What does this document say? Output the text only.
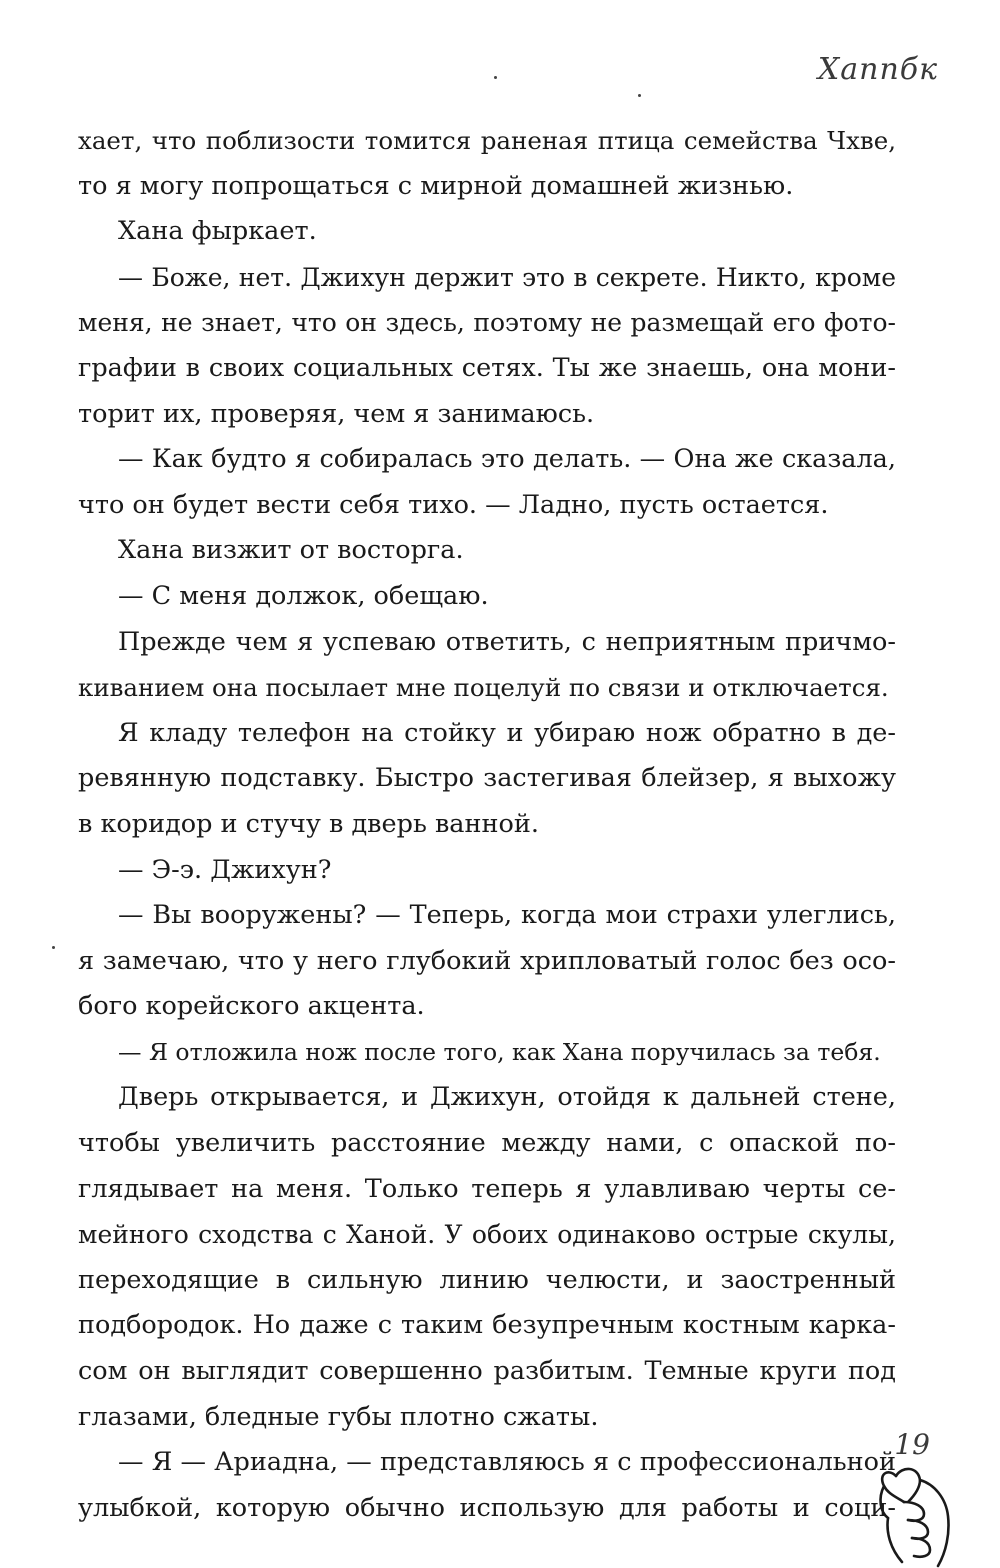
Хаппбк
хает, что поблизости томится раненая птица семейства Чхве,
то я могу попрощаться с мирной домашней жизнью.
Хана фыркает.
— Боже, нет. Джихун держит это в секрете. Никто, кроме
меня, не знает, что он здесь, поэтому не размещай его фото-
графии в своих социальных сетях. Ты же знаешь, она мони-
торит их, проверяя, чем я занимаюсь.
— Как будто я собиралась это делать. — Она же сказала,
что он будет вести себя тихо. — Ладно, пусть остается.
Хана визжит от восторга.
— С меня должок, обещаю.
Прежде чем я успеваю ответить, с неприятным причмо-
киванием она посылает мне поцелуй по связи и отключается.
Я кладу телефон на стойку и убираю нож обратно в де-
ревянную подставку. Быстро застегивая блейзер, я выхожу
в коридор и стучу в дверь ванной.
— Э-э. Джихун?
— Вы вооружены? — Теперь, когда мои страхи улеглись,
я замечаю, что у него глубокий хрипловатый голос без осо-
бого корейского акцента.
— Я отложила нож после того, как Хана поручилась за тебя.
Дверь открывается, и Джихун, отойдя к дальней стене,
чтобы увеличить расстояние между нами, с опаской по-
глядывает на меня. Только теперь я улавливаю черты се-
мейного сходства с Ханой. У обоих одинаково острые скулы,
переходящие в сильную линию челюсти, и заостренный
подбородок. Но даже с таким безупречным костным карка-
сом он выглядит совершенно разбитым. Темные круги под
глазами, бледные губы плотно сжаты.
— Я — Ариадна, — представляюсь я с профессиональной
улыбкой, которую обычно использую для работы и соци-
19
